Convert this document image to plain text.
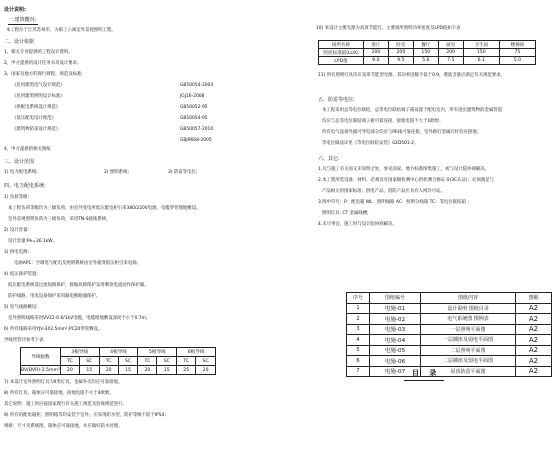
设计说明:
一.建筑概况:
本工程位于江苏苏州市，为职工公寓室外景观照明工程。
二、设计依据
1、相关专业提供的工程设计资料。
2、甲方提供的设计任务书及设计要求。
3、国家及地方的现行规程、规范及标准:
《民用建筑电气设计规范》	GB50054-2004
《民用建筑照明设计标准》	JGJ16-2008
《供配电系统设计规范》	GB50052-95
《低压配电设计规范》	GB50054-95
《建筑物防雷设计规范》	GB50057-2010
GBJ9668-2005
4、甲方提供的相关图纸
三、设计范围
1) 电力配电系统;	2) 照明系统;	3) 防雷等电位;
四、电力配电系统:
1) 负荷等级:
本工程负荷等级均为三级负荷，由室外变电所低压配电柜引来380/220V电源，电缆穿管埋地敷设。
室外景观照明负荷为三级负荷，采用TN-S接地系统。
2) 设计容量:
设计容量:Pe=36.1kW。
3) 供电电源:
电源AP1：空调电气配电及照明系统由室外箱变低压柜引来电源。
4) 低压保护装置:
低压配电系统设过流短路保护，接地故障保护采用剩余电流动作保护器。
防护线路、用电设备保护采用漏电断路器保护。
5) 电气线路敷设:
室外照明线路采用VV22-0.6/1kV电缆，电缆埋地敷设深度不小于0.7m。
6) 所有线路采用YJV-3X2.5mm²,PC20穿管敷设。
导线管管径参考下表
导线根数	3根导线		4根导线		5根导线		6根导线	
	TC	SC	TC	SC	TC	SC	TC	SC
BV(BVR)-2.5mm²	20	15	20	15	20	15	25	20
7) 本设计室外照明灯具为II类灯具，金属外壳均应可靠接地。
8) 所有灯具、箱体应可靠接地，接地电阻不大于4欧姆。
其它说明：施工时应按国家现行有关施工规范及验收规范进行。
9) 所有的配电箱柜、照明箱等均安装于室外，应采用防水型，防护等级不低于IP54；
规格：尺寸见系统图，箱体应可靠接地，并应做好防水处理。
10) 本设计主要光源为高效节能灯，主要场所照明功率密度及LPD值如下表
场所名称	客厅	卧室	餐厅	厨房	卫生间	楼梯间
照度标准值(LUX)	200	200	150	200	150	75
LPD值	9.0	9.5	5.6	7.5	6.1	5.0
11) 所有照明灯具均应采用节能型光源，其功率因数不低于0.9，谐波含量应满足有关规范要求。
五、防雷等电位:
本工程采用总等电位联结，总等电位联结端子箱设置于配电室内，所有进出建筑物的金属管道
均应与总等电位联结端子板可靠连接，接地电阻不大于1欧姆。
所有电气设备外露可导电部分均应与PE线可靠连接，室外路灯金属灯杆均应接地。
等电位做法详见《等电位联结安装》02D501-2。
六、其它:
1.凡与施工有关而又未说明之处，参见国家、地方标准图集施工，或与设计院协商解决。
2.本工程所选设备、材料，必须具有国家级检测中心的检测合格证书(3C认证)；必须满足与
产品相关的国家标准；供电产品、消防产品应具有入网许可证。
3.图中符号：P：配电箱 WL：照明线路 AC：照明分线箱 TC：等电位联结箱 ；
照明灯具: CT 金属线槽;
4.未尽事宜，施工时与设计院协商解决。
序号	图纸编号	图纸内容	图幅
1	电施-01	设计说明 图纸目录	A2
2	电施-02	电气系统图 图例表	A2
3	电施-03	一层照明平面图	A2
4	电施-04	一层插座及弱电平面图	A2
5	电施-05	二层照明平面图	A2
6	电施-06	二层插座及弱电平面图	A2
7	电施-07	屋顶防雷平面图	A2
目 录
